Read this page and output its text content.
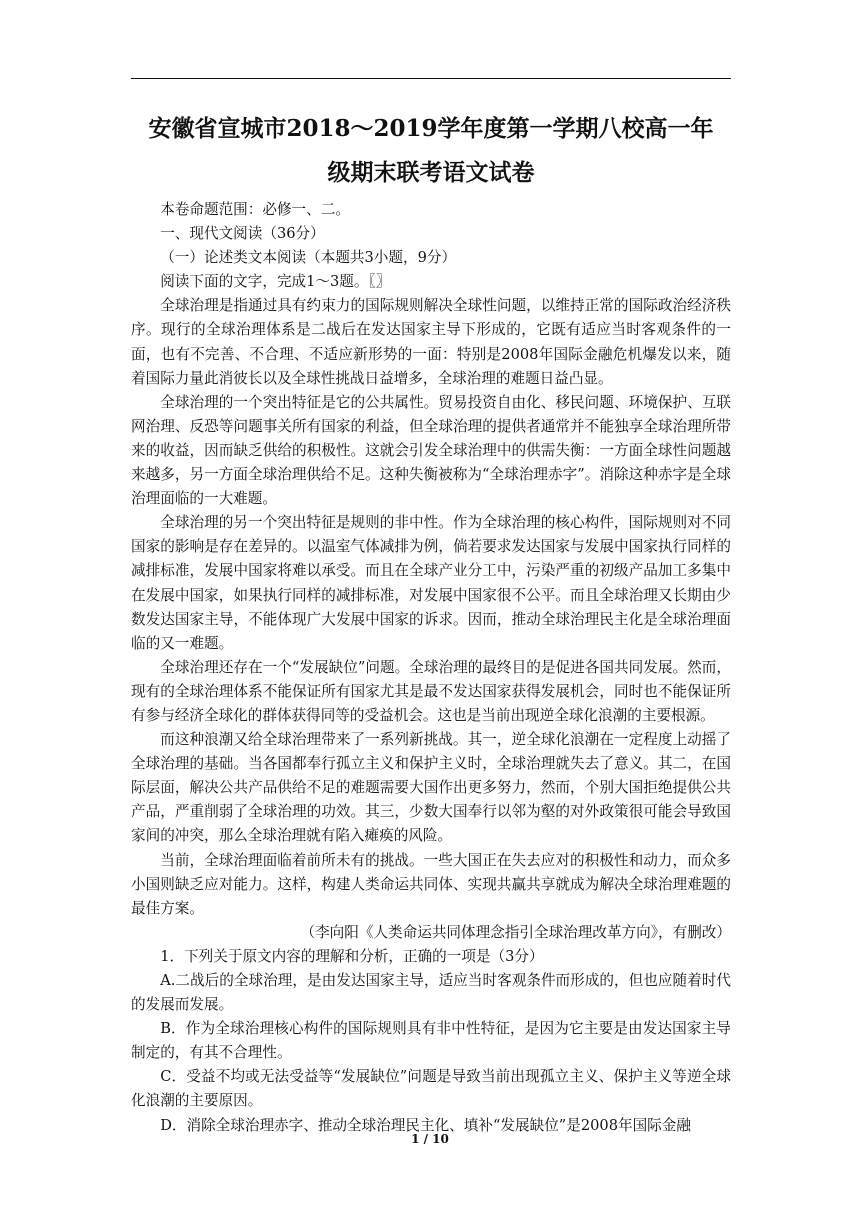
安徽省宣城市2018～2019学年度第一学期八校高一年
级期末联考语文试卷

本卷命题范围：必修一、二。

一、现代文阅读（36分）

（一）论述类文本阅读（本题共3小题，9分）

阅读下面的文字，完成1～3题。〖〗

全球治理是指通过具有约束力的国际规则解决全球性问题，以维持正常的国际政治经济秩序。现行的全球治理体系是二战后在发达国家主导下形成的，它既有适应当时客观条件的一面，也有不完善、不合理、不适应新形势的一面：特别是2008年国际金融危机爆发以来，随着国际力量此消彼长以及全球性挑战日益增多，全球治理的难题日益凸显。

全球治理的一个突出特征是它的公共属性。贸易投资自由化、移民问题、环境保护、互联网治理、反恐等问题事关所有国家的利益，但全球治理的提供者通常并不能独享全球治理所带来的收益，因而缺乏供给的积极性。这就会引发全球治理中的供需失衡：一方面全球性问题越来越多，另一方面全球治理供给不足。这种失衡被称为“全球治理赤字”。消除这种赤字是全球治理面临的一大难题。

全球治理的另一个突出特征是规则的非中性。作为全球治理的核心构件，国际规则对不同国家的影响是存在差异的。以温室气体减排为例，倘若要求发达国家与发展中国家执行同样的减排标准，发展中国家将难以承受。而且在全球产业分工中，污染严重的初级产品加工多集中在发展中国家，如果执行同样的减排标准，对发展中国家很不公平。而且全球治理又长期由少数发达国家主导，不能体现广大发展中国家的诉求。因而，推动全球治理民主化是全球治理面临的又一难题。

全球治理还存在一个“发展缺位”问题。全球治理的最终目的是促进各国共同发展。然而，现有的全球治理体系不能保证所有国家尤其是最不发达国家获得发展机会，同时也不能保证所有参与经济全球化的群体获得同等的受益机会。这也是当前出现逆全球化浪潮的主要根源。

而这种浪潮又给全球治理带来了一系列新挑战。其一，逆全球化浪潮在一定程度上动摇了全球治理的基础。当各国都奉行孤立主义和保护主义时，全球治理就失去了意义。其二，在国际层面，解决公共产品供给不足的难题需要大国作出更多努力，然而，个别大国拒绝提供公共产品，严重削弱了全球治理的功效。其三，少数大国奉行以邻为壑的对外政策很可能会导致国家间的冲突，那么全球治理就有陷入瘫痪的风险。

当前，全球治理面临着前所未有的挑战。一些大国正在失去应对的积极性和动力，而众多小国则缺乏应对能力。这样，构建人类命运共同体、实现共赢共享就成为解决全球治理难题的最佳方案。

（李向阳《人类命运共同体理念指引全球治理改革方向》，有删改）

1．下列关于原文内容的理解和分析，正确的一项是（3分）

A.二战后的全球治理，是由发达国家主导，适应当时客观条件而形成的，但也应随着时代的发展而发展。

B．作为全球治理核心构件的国际规则具有非中性特征，是因为它主要是由发达国家主导制定的，有其不合理性。

C．受益不均或无法受益等“发展缺位”问题是导致当前出现孤立主义、保护主义等逆全球化浪潮的主要原因。

D．消除全球治理赤字、推动全球治理民主化、填补“发展缺位”是2008年国际金融

1 / 10
